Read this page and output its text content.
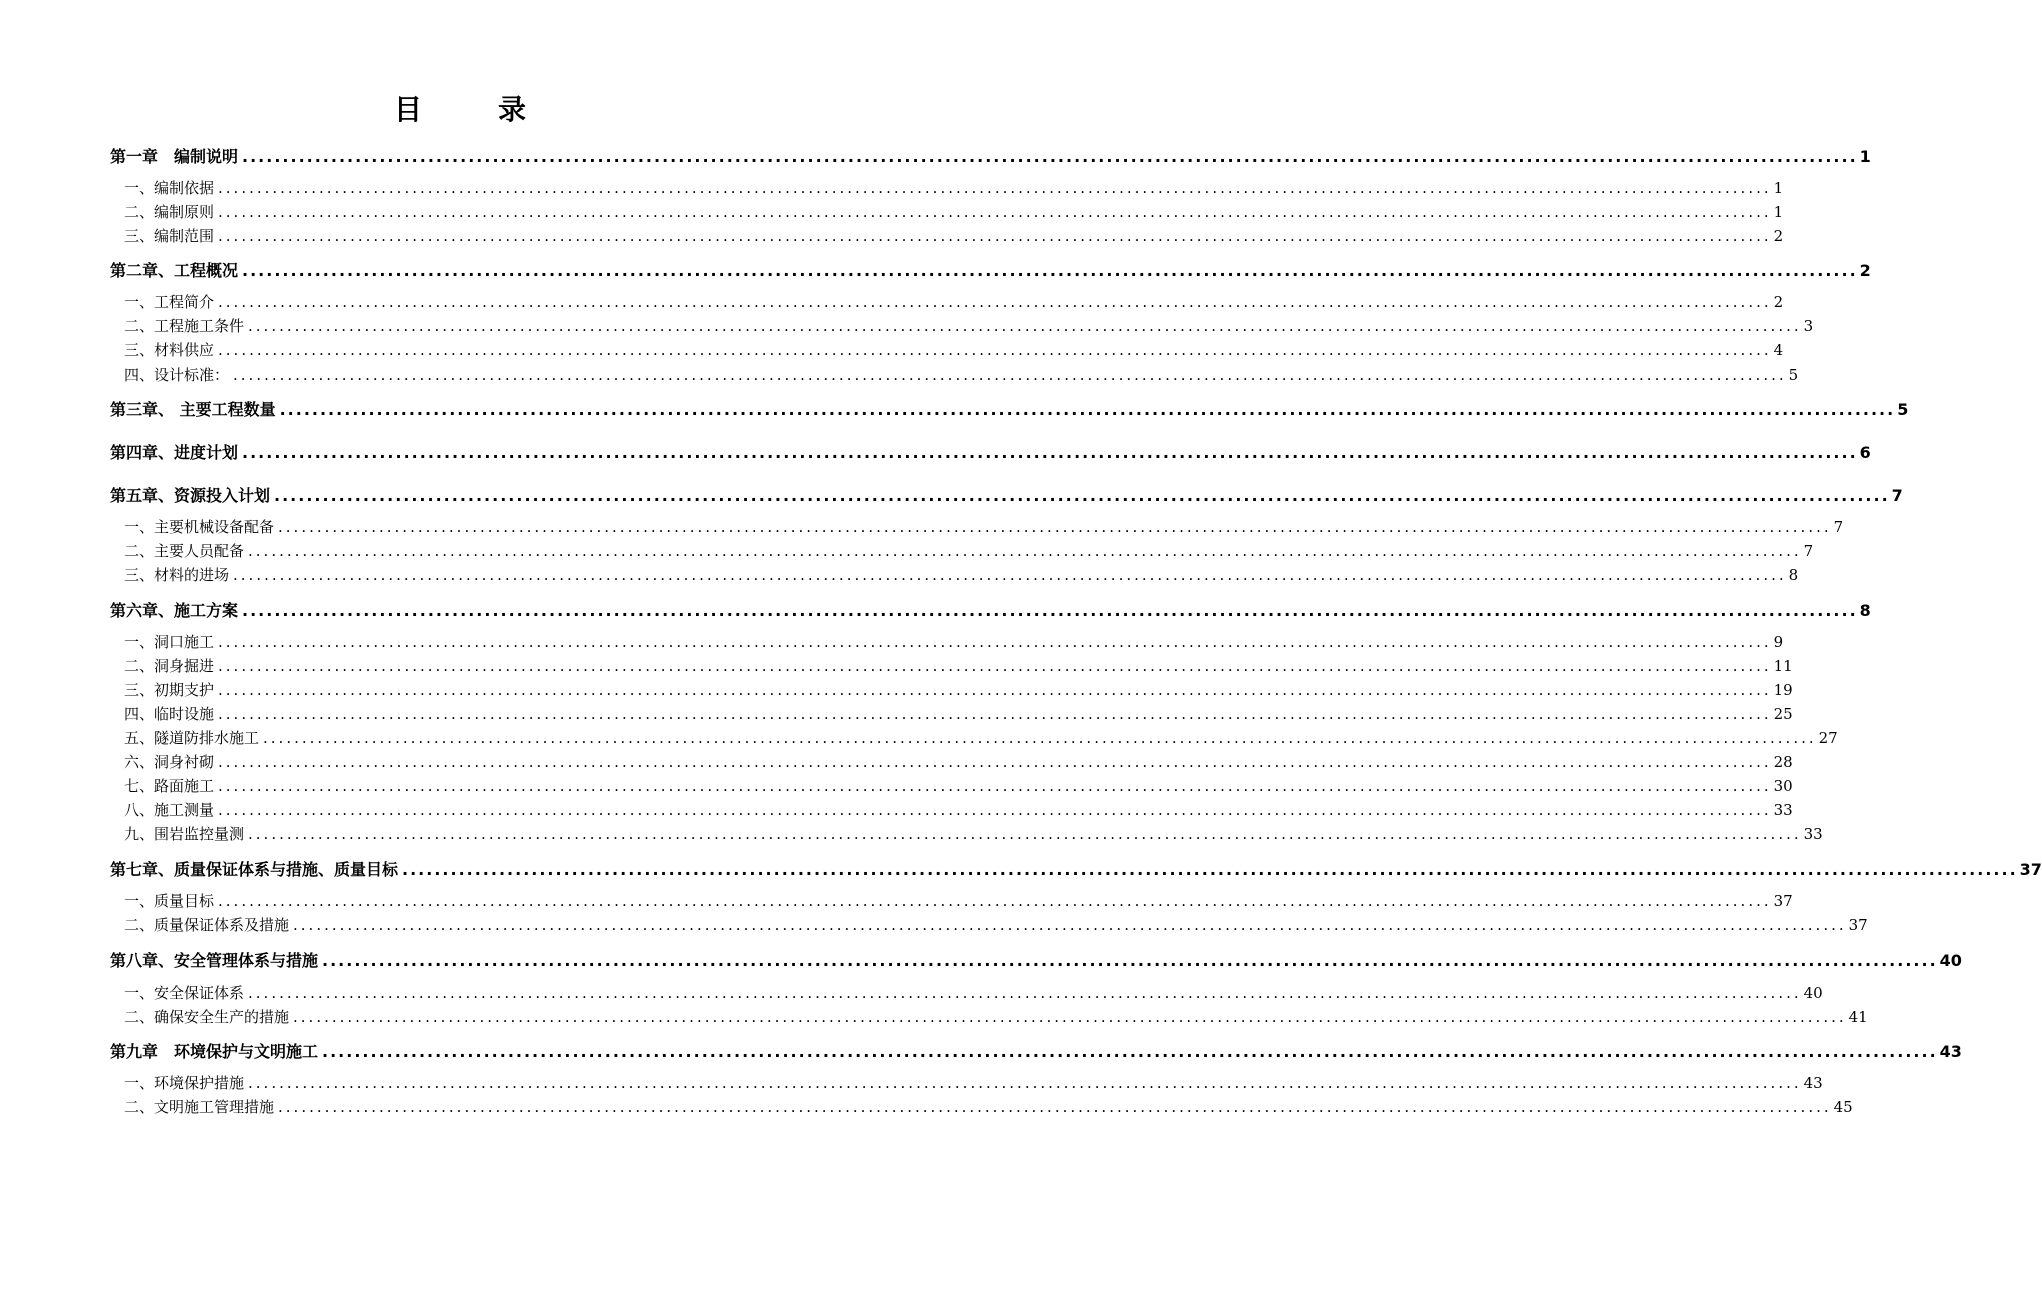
目　录
第一章　编制说明 ........................................................................................................................................................................................................ 1
一、编制依据 ........................................................................................................................................................................................................ 1
二、编制原则 ........................................................................................................................................................................................................ 1
三、编制范围 ........................................................................................................................................................................................................ 2
第二章、工程概况 ........................................................................................................................................................................................................ 2
一、工程简介 ........................................................................................................................................................................................................ 2
二、工程施工条件 ........................................................................................................................................................................................................ 3
三、材料供应 ........................................................................................................................................................................................................ 4
四、设计标准： ........................................................................................................................................................................................................ 5
第三章、 主要工程数量 ........................................................................................................................................................................................................ 5
第四章、进度计划 ........................................................................................................................................................................................................ 6
第五章、资源投入计划 ........................................................................................................................................................................................................ 7
一、主要机械设备配备 ........................................................................................................................................................................................................ 7
二、主要人员配备 ........................................................................................................................................................................................................ 7
三、材料的进场 ........................................................................................................................................................................................................ 8
第六章、施工方案 ........................................................................................................................................................................................................ 8
一、洞口施工 ........................................................................................................................................................................................................ 9
二、洞身掘进 ........................................................................................................................................................................................................ 11
三、初期支护 ........................................................................................................................................................................................................ 19
四、临时设施 ........................................................................................................................................................................................................ 25
五、隧道防排水施工 ........................................................................................................................................................................................................ 27
六、洞身衬砌 ........................................................................................................................................................................................................ 28
七、路面施工 ........................................................................................................................................................................................................ 30
八、施工测量 ........................................................................................................................................................................................................ 33
九、围岩监控量测 ........................................................................................................................................................................................................ 33
第七章、质量保证体系与措施、质量目标 ........................................................................................................................................................................................................ 37
一、质量目标 ........................................................................................................................................................................................................ 37
二、质量保证体系及措施 ........................................................................................................................................................................................................ 37
第八章、安全管理体系与措施 ........................................................................................................................................................................................................ 40
一、安全保证体系 ........................................................................................................................................................................................................ 40
二、确保安全生产的措施 ........................................................................................................................................................................................................ 41
第九章　环境保护与文明施工 ........................................................................................................................................................................................................ 43
一、环境保护措施 ........................................................................................................................................................................................................ 43
二、文明施工管理措施 ........................................................................................................................................................................................................ 45
